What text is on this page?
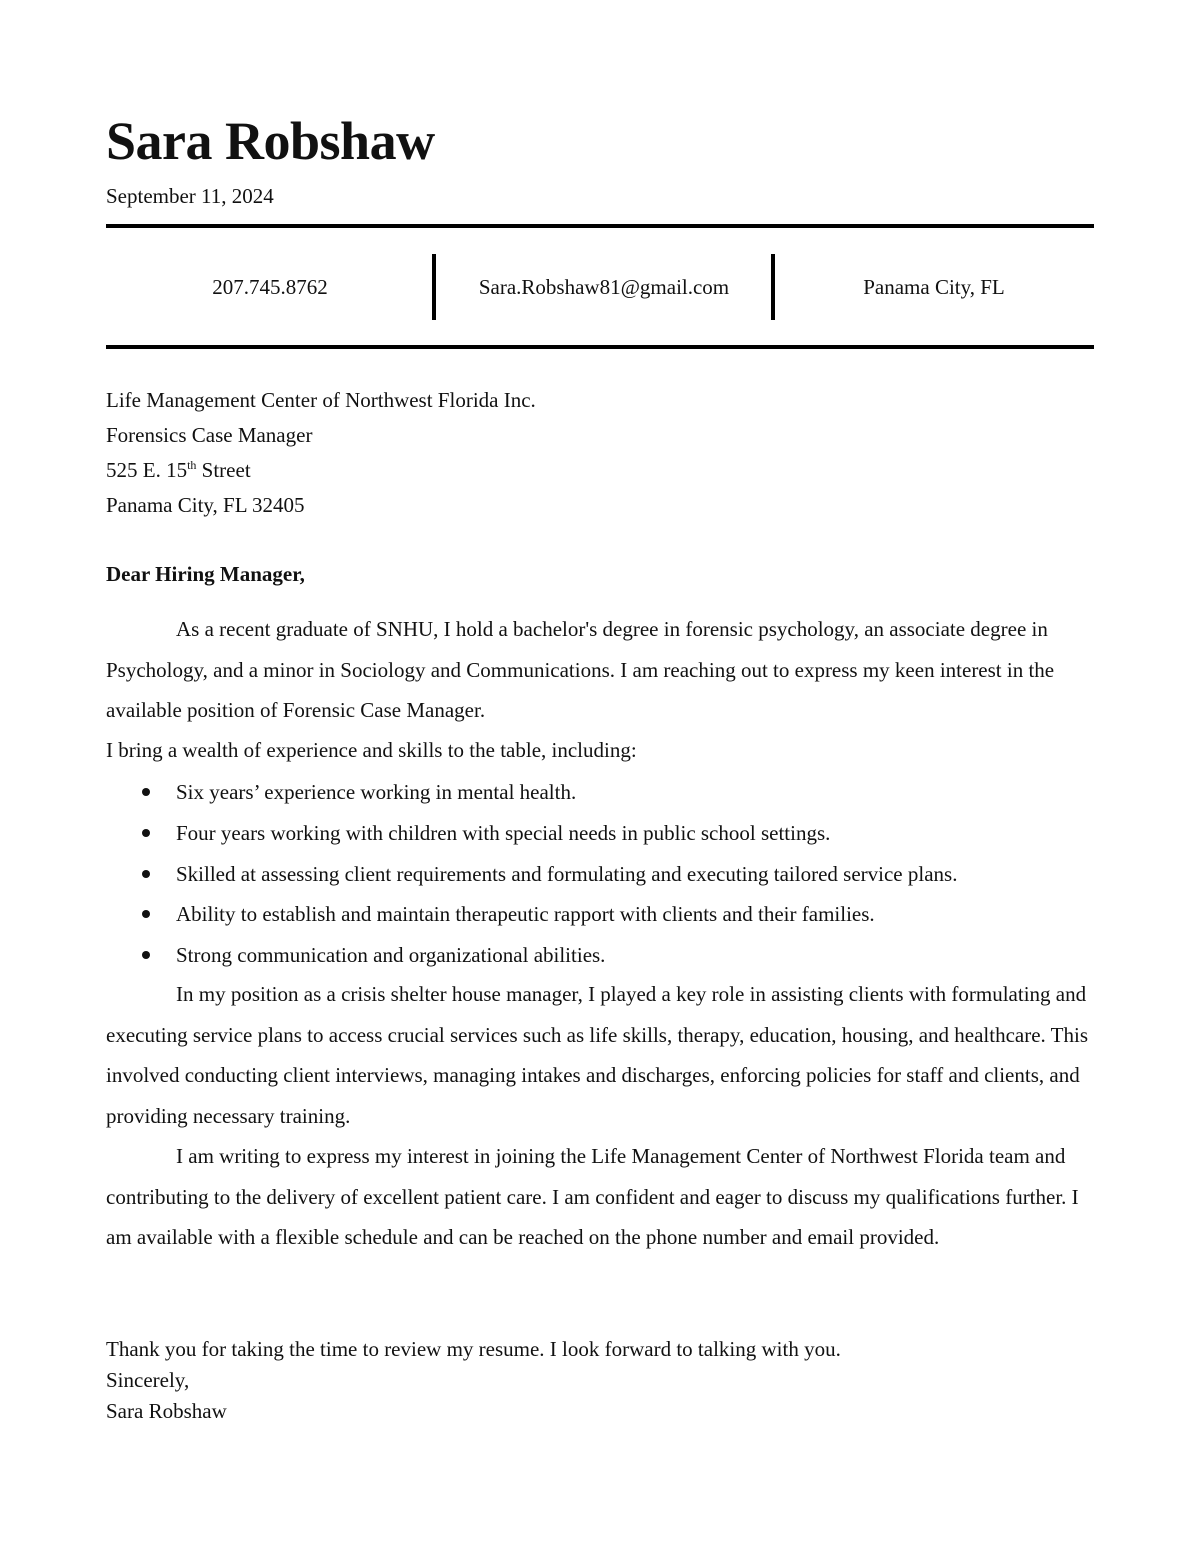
Sara Robshaw
September 11, 2024
207.745.8762	Sara.Robshaw81@gmail.com	Panama City, FL
Life Management Center of Northwest Florida Inc.
Forensics Case Manager
525 E. 15th Street
Panama City, FL 32405
Dear Hiring Manager,

As a recent graduate of SNHU, I hold a bachelor's degree in forensic psychology, an associate degree in Psychology, and a minor in Sociology and Communications. I am reaching out to express my keen interest in the available position of Forensic Case Manager.

I bring a wealth of experience and skills to the table, including:
Six years’ experience working in mental health.
Four years working with children with special needs in public school settings.
Skilled at assessing client requirements and formulating and executing tailored service plans.
Ability to establish and maintain therapeutic rapport with clients and their families.
Strong communication and organizational abilities.

In my position as a crisis shelter house manager, I played a key role in assisting clients with formulating and executing service plans to access crucial services such as life skills, therapy, education, housing, and healthcare. This involved conducting client interviews, managing intakes and discharges, enforcing policies for staff and clients, and providing necessary training.

I am writing to express my interest in joining the Life Management Center of Northwest Florida team and contributing to the delivery of excellent patient care. I am confident and eager to discuss my qualifications further. I am available with a flexible schedule and can be reached on the phone number and email provided.

Thank you for taking the time to review my resume. I look forward to talking with you.
Sincerely,
Sara Robshaw
